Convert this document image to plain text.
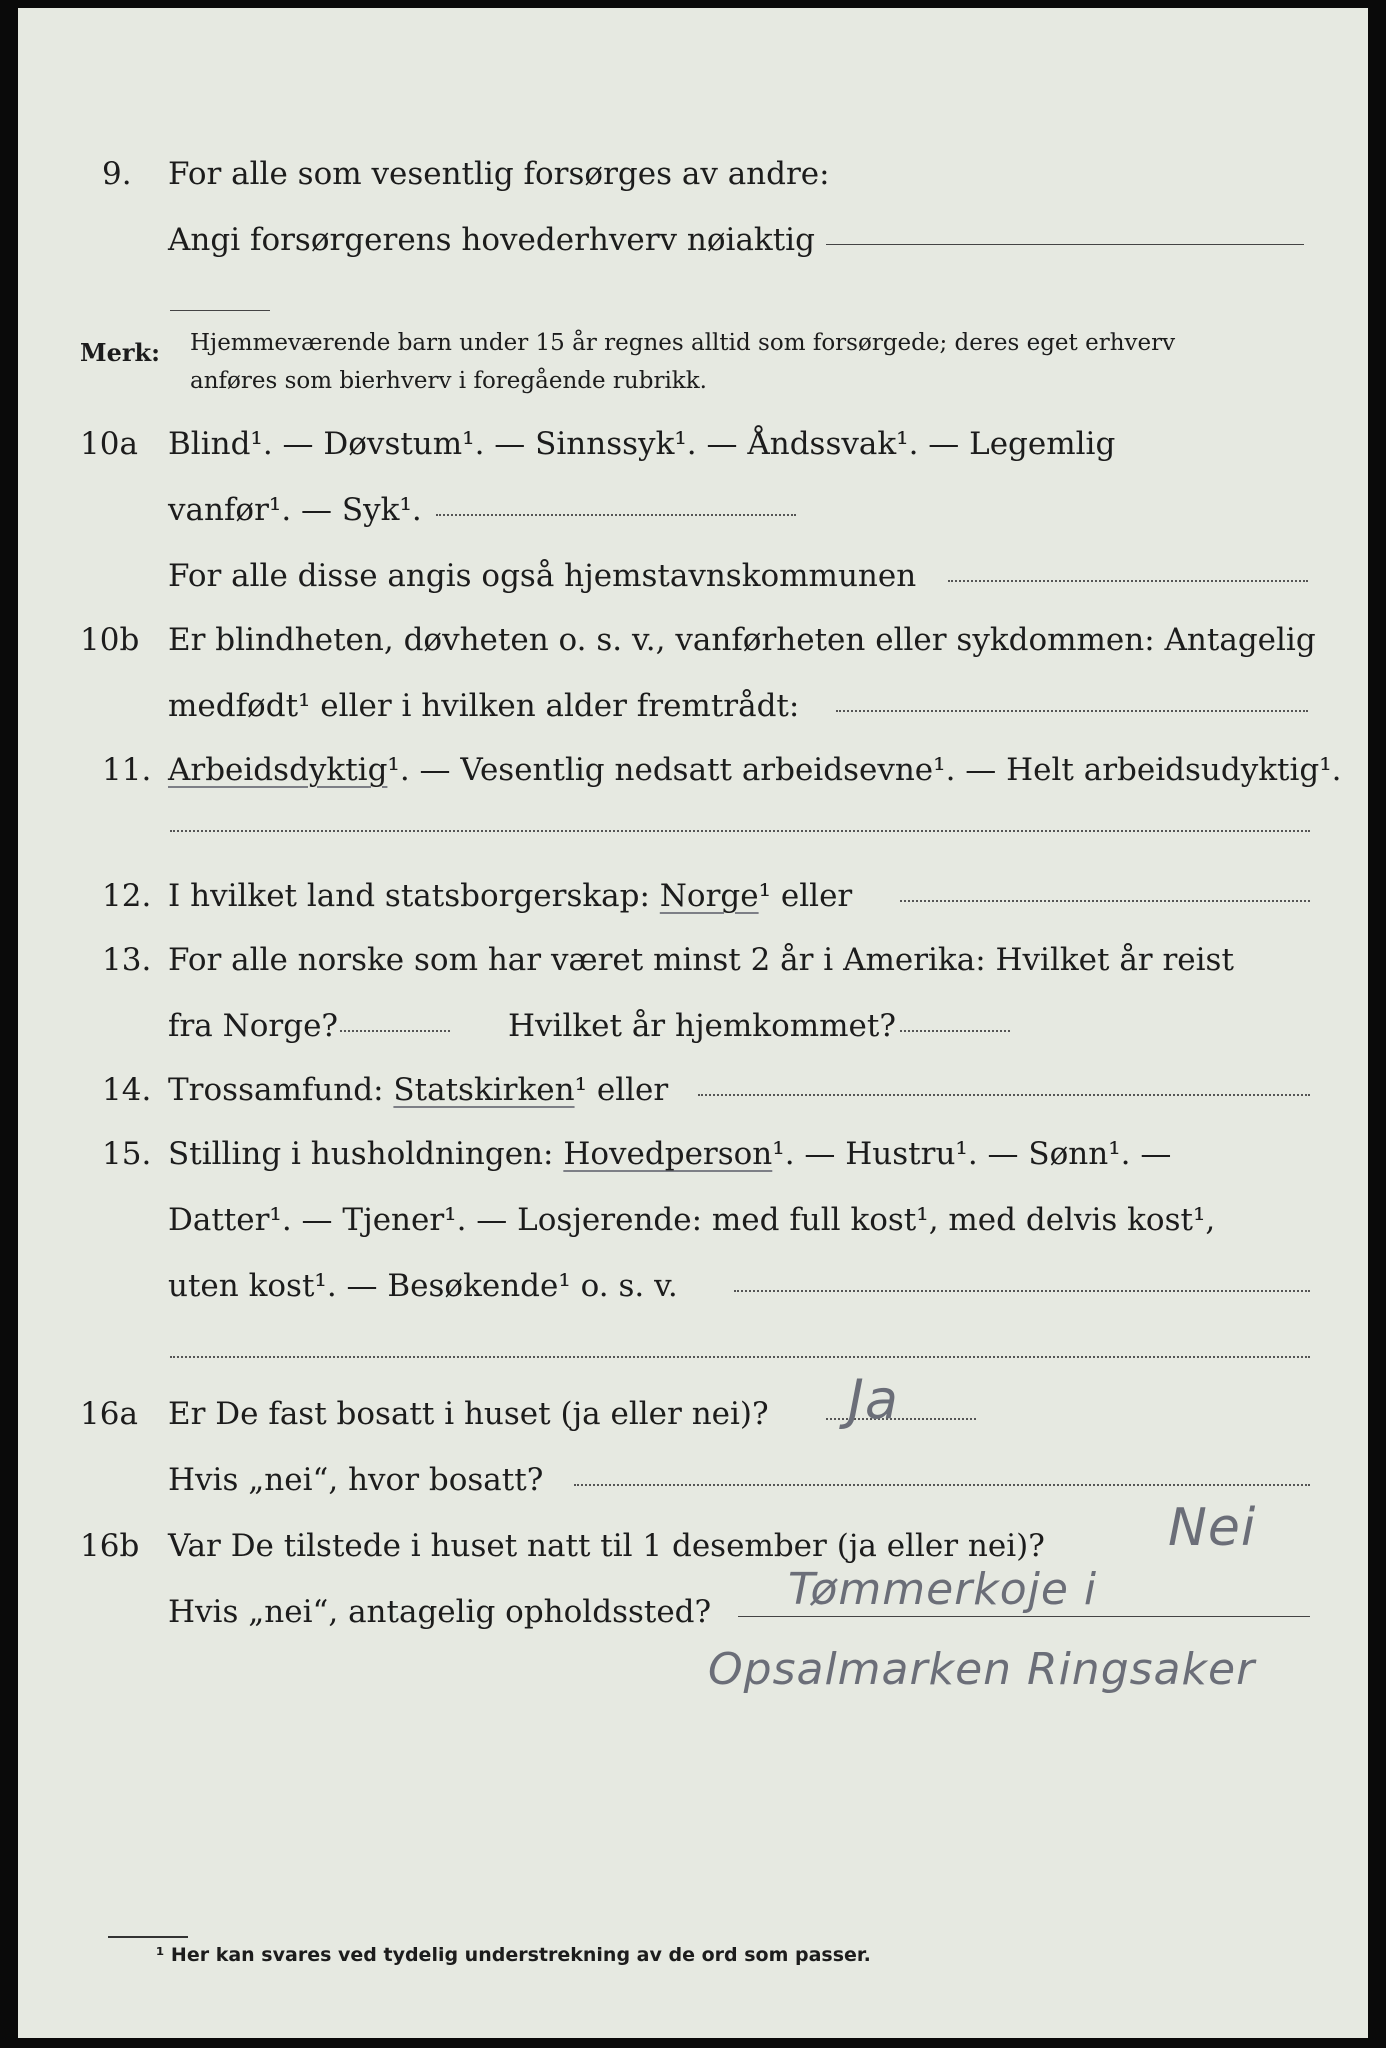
9. For alle som vesentlig forsørges av andre:
Angi forsørgerens hovederhverv nøiaktig
Merk: Hjemmeværende barn under 15 år regnes alltid som forsørgede; deres eget erhverv
anføres som bierhverv i foregående rubrikk.
10a Blind¹. — Døvstum¹. — Sinnssyk¹. — Åndssvak¹. — Legemlig
vanfør¹. — Syk¹.
For alle disse angis også hjemstavnskommunen
10b Er blindheten, døvheten o. s. v., vanførheten eller sykdommen: Antagelig
medfødt¹ eller i hvilken alder fremtrådt:
11. Arbeidsdyktig¹. — Vesentlig nedsatt arbeidsevne¹. — Helt arbeidsudyktig¹.
12. I hvilket land statsborgerskap: Norge¹ eller
13. For alle norske som har været minst 2 år i Amerika: Hvilket år reist
fra Norge?	Hvilket år hjemkommet?
14. Trossamfund: Statskirken¹ eller
15. Stilling i husholdningen: Hovedperson¹. — Hustru¹. — Sønn¹. —
Datter¹. — Tjener¹. — Losjerende: med full kost¹, med delvis kost¹,
uten kost¹. — Besøkende¹ o. s. v.
16a Er De fast bosatt i huset (ja eller nei)?	Ja
Hvis „nei“, hvor bosatt?
16b Var De tilstede i huset natt til 1 desember (ja eller nei)?	Nei
Hvis „nei“, antagelig opholdssted?	Tømmerkoje i
Opsalmarken Ringsaker
¹ Her kan svares ved tydelig understrekning av de ord som passer.
